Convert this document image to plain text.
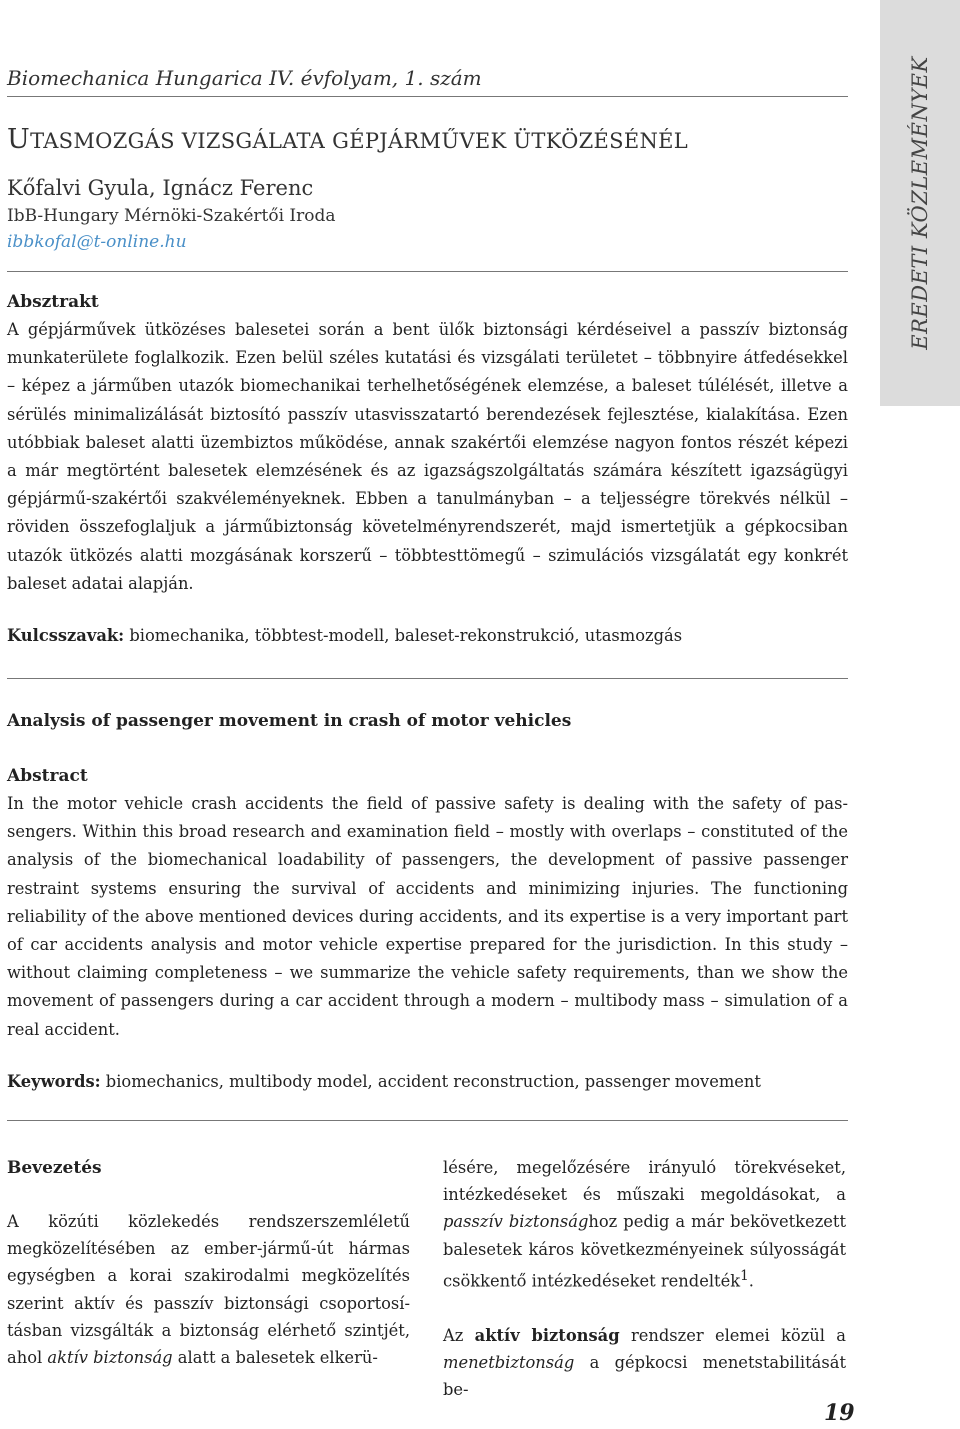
EREDETI KÖZLEMÉNYEK

Biomechanica Hungarica IV. évfolyam, 1. szám

UTASMOZGÁS VIZSGÁLATA GÉPJÁRMŰVEK ÜTKÖZÉSÉNÉL

Kőfalvi Gyula, Ignácz Ferenc

IbB-Hungary Mérnöki-Szakértői Iroda

ibbkofal@t-online.hu

Absztrakt

A gépjárművek ütközéses balesetei során a bent ülők biztonsági kérdéseivel a passzív biztonság munkaterülete foglalkozik. Ezen belül széles kutatási és vizsgálati területet – többnyire átfedésekkel – képez a járműben utazók biomechanikai terhelhetőségének elemzése, a baleset túlélését, illetve a sérülés minimalizálását biztosító passzív utasvisszatartó berendezések fejlesztése, kialakítása. Ezen utóbbiak baleset alatti üzembiztos működése, annak szakértői elemzése nagyon fontos részét képezi a már megtörtént balesetek elemzésének és az igazságszolgáltatás számára készített igazságügyi gépjármű-szakértői szakvéleményeknek. Ebben a tanulmányban – a teljességre törekvés nélkül – röviden összefoglaljuk a járműbiztonság követelményrendszerét, majd ismertetjük a gépkocsiban utazók ütközés alatti mozgásának korszerű – többtesttömegű – szimulációs vizsgálatát egy konkrét baleset adatai alapján.

Kulcsszavak: biomechanika, többtest-modell, baleset-rekonstrukció, utasmozgás

Analysis of passenger movement in crash of motor vehicles

Abstract

In the motor vehicle crash accidents the field of passive safety is dealing with the safety of passengers. Within this broad research and examination field – mostly with overlaps – constituted of the analysis of the biomechanical loadability of passengers, the development of passive passenger restraint systems ensuring the survival of accidents and minimizing injuries. The functioning reliability of the above mentioned devices during accidents, and its expertise is a very important part of car accidents analysis and motor vehicle expertise prepared for the jurisdiction. In this study – without claiming completeness – we summarize the vehicle safety requirements, than we show the movement of passengers during a car accident through a modern – multibody mass – simulation of a real accident.

Keywords: biomechanics, multibody model, accident reconstruction, passenger movement

Bevezetés

A közúti közlekedés rendszerszemléletű megközelítésében az ember-jármű-út hármas egységben a korai szakirodalmi megközelítés szerint aktív és passzív biztonsági csoportosításban vizsgálták a biztonság elérhető szintjét, ahol aktív biztonság alatt a balesetek elkerü-

lésére, megelőzésére irányuló törekvéseket, intézkedéseket és műszaki megoldásokat, a passzív biztonsághoz pedig a már bekövetkezett balesetek káros következményeinek súlyosságát csökkentő intézkedéseket rendelték$^1$.

Az aktív biztonság rendszer elemei közül a menetbiztonság a gépkocsi menetstabilitását be-

19
